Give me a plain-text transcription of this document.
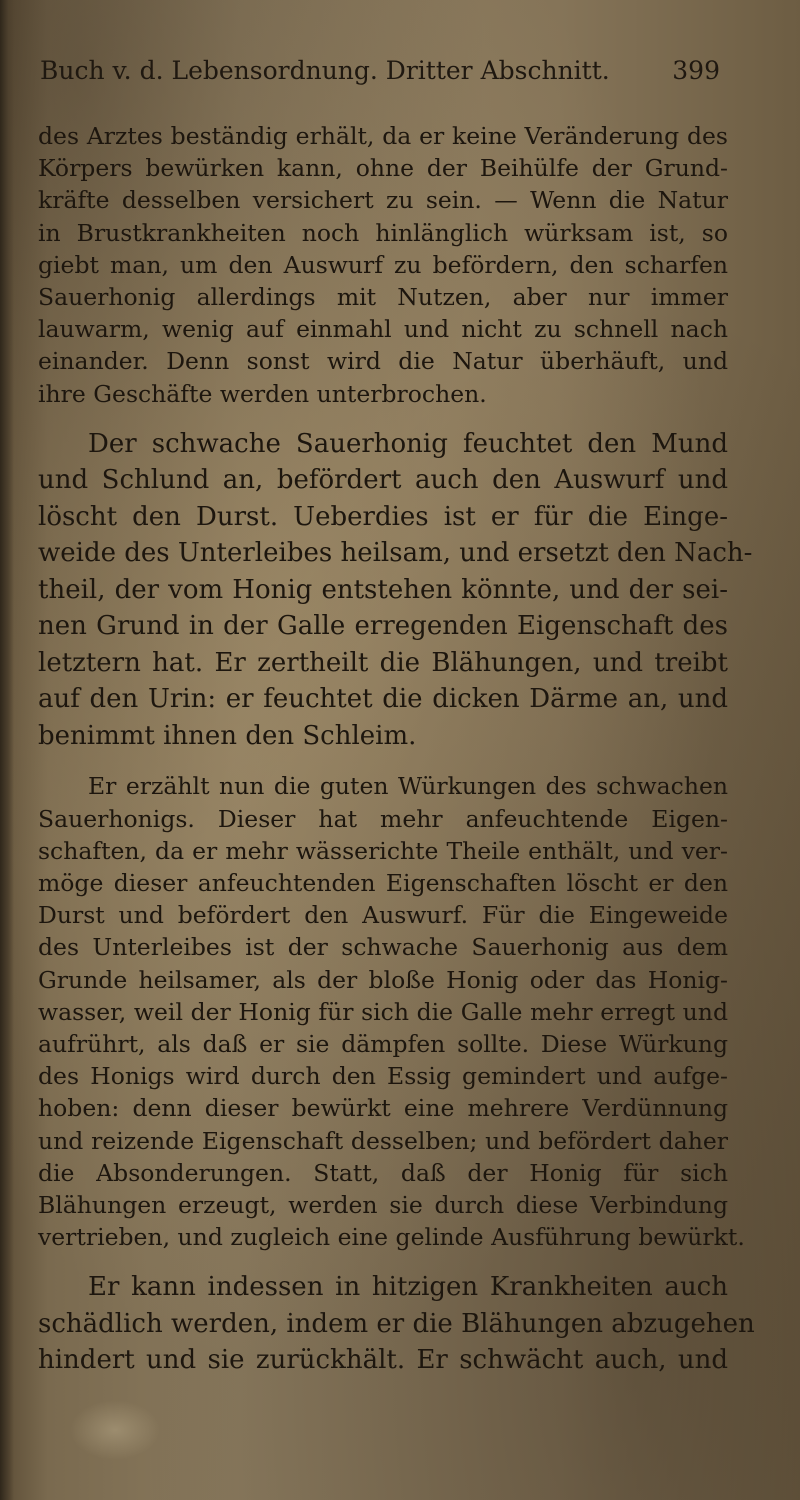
Buch v. d. Lebensordnung. Dritter Abschnitt.	399

des Arztes beständig erhält, da er keine Veränderung des
Körpers bewürken kann, ohne der Beihülfe der Grund-
kräfte desselben versichert zu sein. — Wenn die Natur
in Brustkrankheiten noch hinlänglich würksam ist, so
giebt man, um den Auswurf zu befördern, den scharfen
Sauerhonig allerdings mit Nutzen, aber nur immer
lauwarm, wenig auf einmahl und nicht zu schnell nach
einander. Denn sonst wird die Natur überhäuft, und
ihre Geschäfte werden unterbrochen.

Der schwache Sauerhonig feuchtet den Mund
und Schlund an, befördert auch den Auswurf und
löscht den Durst. Ueberdies ist er für die Einge-
weide des Unterleibes heilsam, und ersetzt den Nach-
theil, der vom Honig entstehen könnte, und der sei-
nen Grund in der Galle erregenden Eigenschaft des
letztern hat. Er zertheilt die Blähungen, und treibt
auf den Urin: er feuchtet die dicken Därme an, und
benimmt ihnen den Schleim.

Er erzählt nun die guten Würkungen des schwachen
Sauerhonigs. Dieser hat mehr anfeuchtende Eigen-
schaften, da er mehr wässerichte Theile enthält, und ver-
möge dieser anfeuchtenden Eigenschaften löscht er den
Durst und befördert den Auswurf. Für die Eingeweide
des Unterleibes ist der schwache Sauerhonig aus dem
Grunde heilsamer, als der bloße Honig oder das Honig-
wasser, weil der Honig für sich die Galle mehr erregt und
aufrührt, als daß er sie dämpfen sollte. Diese Würkung
des Honigs wird durch den Essig gemindert und aufge-
hoben: denn dieser bewürkt eine mehrere Verdünnung
und reizende Eigenschaft desselben; und befördert daher
die Absonderungen. Statt, daß der Honig für sich
Blähungen erzeugt, werden sie durch diese Verbindung
vertrieben, und zugleich eine gelinde Ausführung bewürkt.

Er kann indessen in hitzigen Krankheiten auch
schädlich werden, indem er die Blähungen abzugehen
hindert und sie zurückhält. Er schwächt auch, und
